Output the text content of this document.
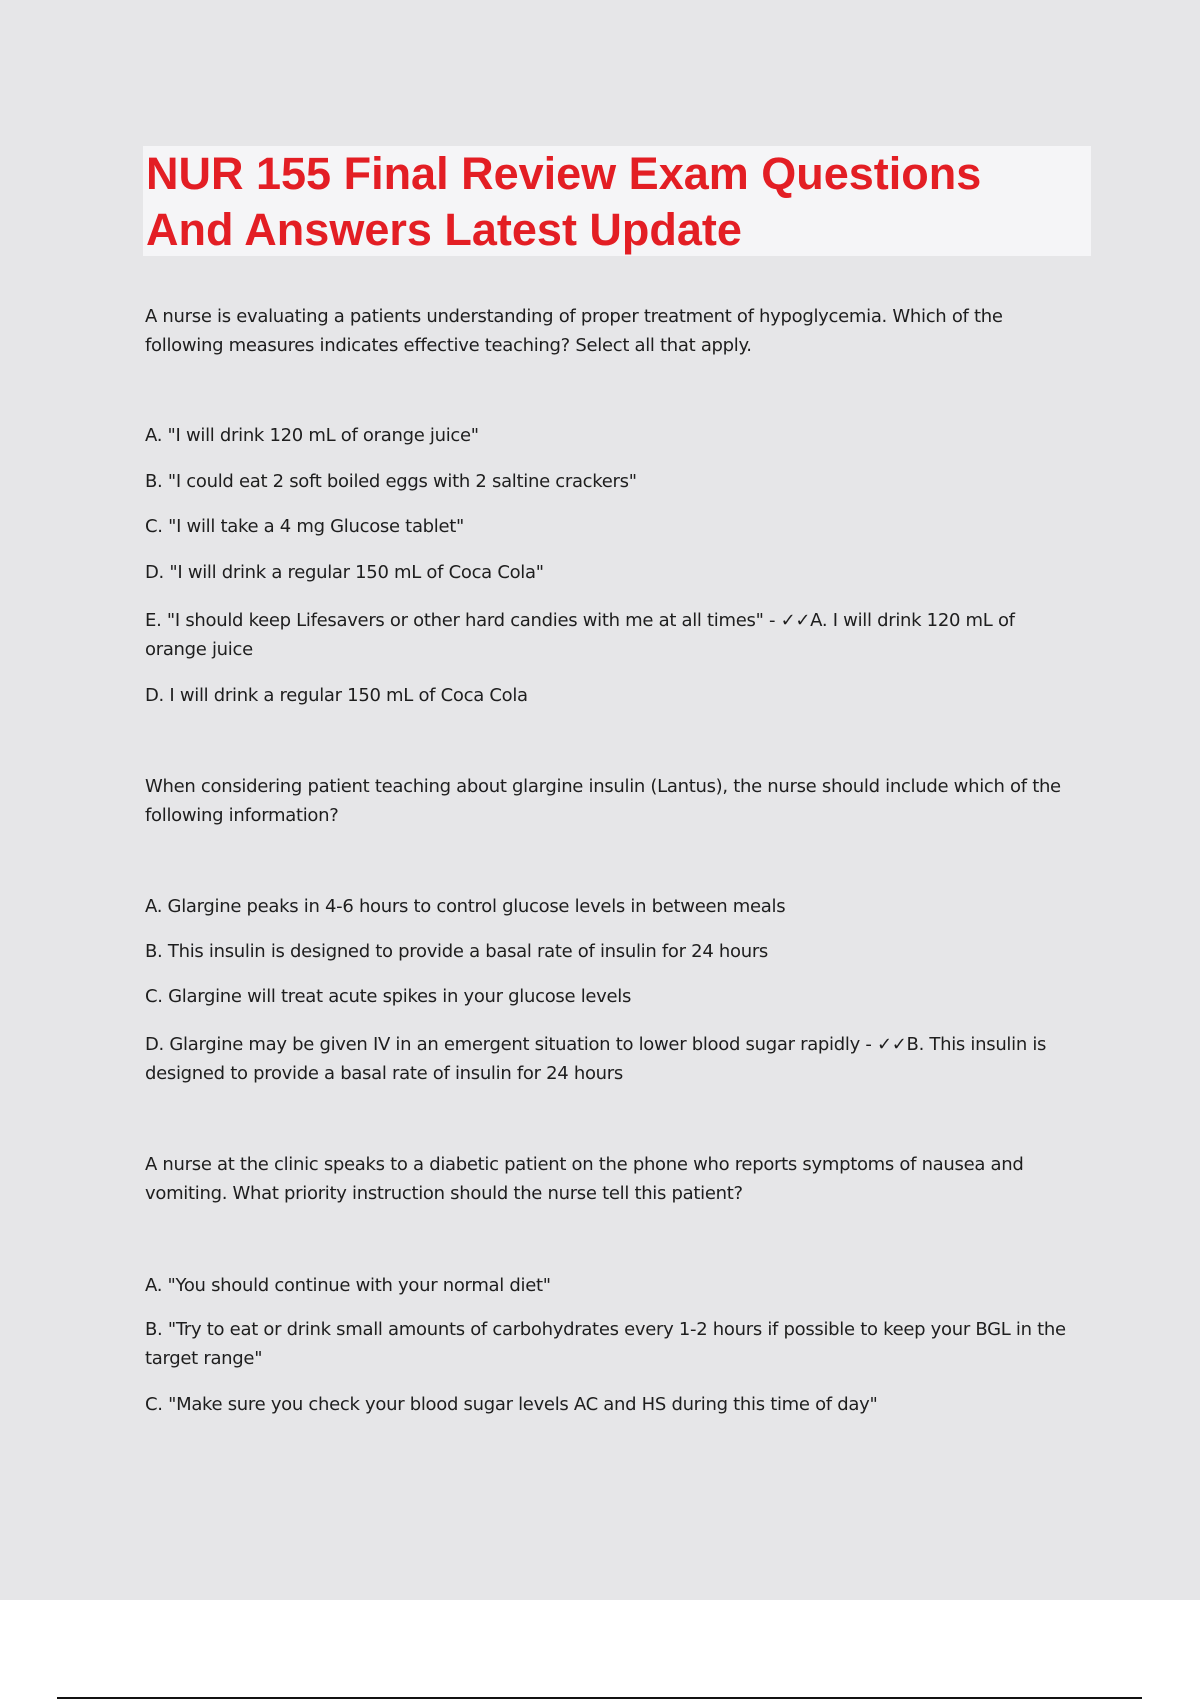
NUR 155 Final Review Exam Questions
And Answers Latest Update

A nurse is evaluating a patients understanding of proper treatment of hypoglycemia. Which of the
following measures indicates effective teaching? Select all that apply.

A. "I will drink 120 mL of orange juice"

B. "I could eat 2 soft boiled eggs with 2 saltine crackers"

C. "I will take a 4 mg Glucose tablet"

D. "I will drink a regular 150 mL of Coca Cola"

E. "I should keep Lifesavers or other hard candies with me at all times" - ✓✓A. I will drink 120 mL of
orange juice

D. I will drink a regular 150 mL of Coca Cola

When considering patient teaching about glargine insulin (Lantus), the nurse should include which of the
following information?

A. Glargine peaks in 4-6 hours to control glucose levels in between meals

B. This insulin is designed to provide a basal rate of insulin for 24 hours

C. Glargine will treat acute spikes in your glucose levels

D. Glargine may be given IV in an emergent situation to lower blood sugar rapidly - ✓✓B. This insulin is
designed to provide a basal rate of insulin for 24 hours

A nurse at the clinic speaks to a diabetic patient on the phone who reports symptoms of nausea and
vomiting. What priority instruction should the nurse tell this patient?

A. "You should continue with your normal diet"

B. "Try to eat or drink small amounts of carbohydrates every 1-2 hours if possible to keep your BGL in the
target range"

C. "Make sure you check your blood sugar levels AC and HS during this time of day"
